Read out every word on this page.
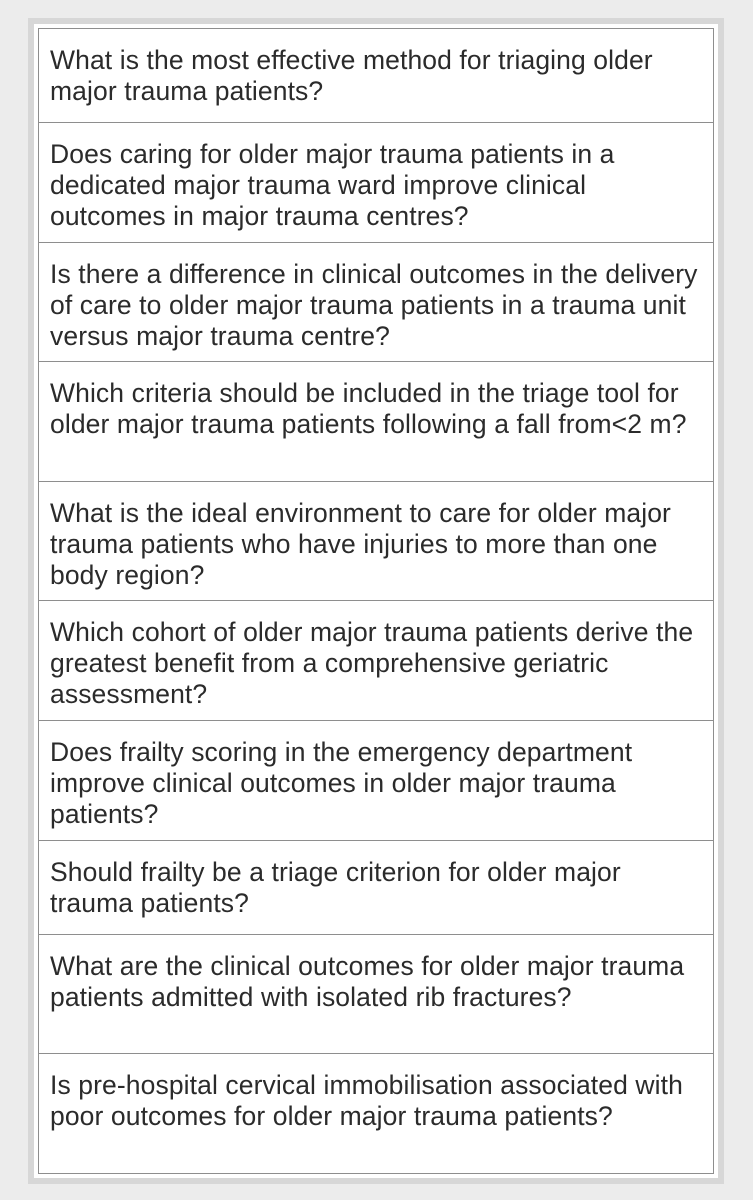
What is the most effective method for triaging older major trauma patients?
Does caring for older major trauma patients in a dedicated major trauma ward improve clinical outcomes in major trauma centres?
Is there a difference in clinical outcomes in the delivery of care to older major trauma patients in a trauma unit versus major trauma centre?
Which criteria should be included in the triage tool for older major trauma patients following a fall from<2 m?
What is the ideal environment to care for older major trauma patients who have injuries to more than one body region?
Which cohort of older major trauma patients derive the greatest benefit from a comprehensive geriatric assessment?
Does frailty scoring in the emergency department improve clinical outcomes in older major trauma patients?
Should frailty be a triage criterion for older major trauma patients?
What are the clinical outcomes for older major trauma patients admitted with isolated rib fractures?
Is pre-hospital cervical immobilisation associated with poor outcomes for older major trauma patients?
